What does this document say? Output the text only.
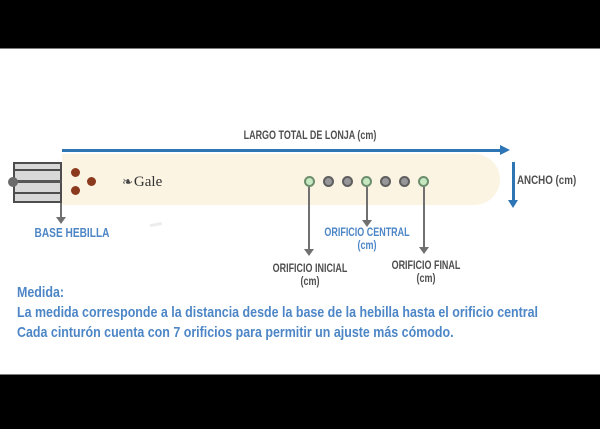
LARGO TOTAL DE LONJA (cm)
❧Gale
ORIFICIO CENTRAL
(cm)
ORIFICIO INICIAL
(cm)
ORIFICIO FINAL
(cm)
ANCHO (cm)
BASE HEBILLA
Medida:
La medida corresponde a la distancia desde la base de la hebilla hasta el orificio central
Cada cinturón cuenta con 7 orificios para permitir un ajuste más cómodo.
